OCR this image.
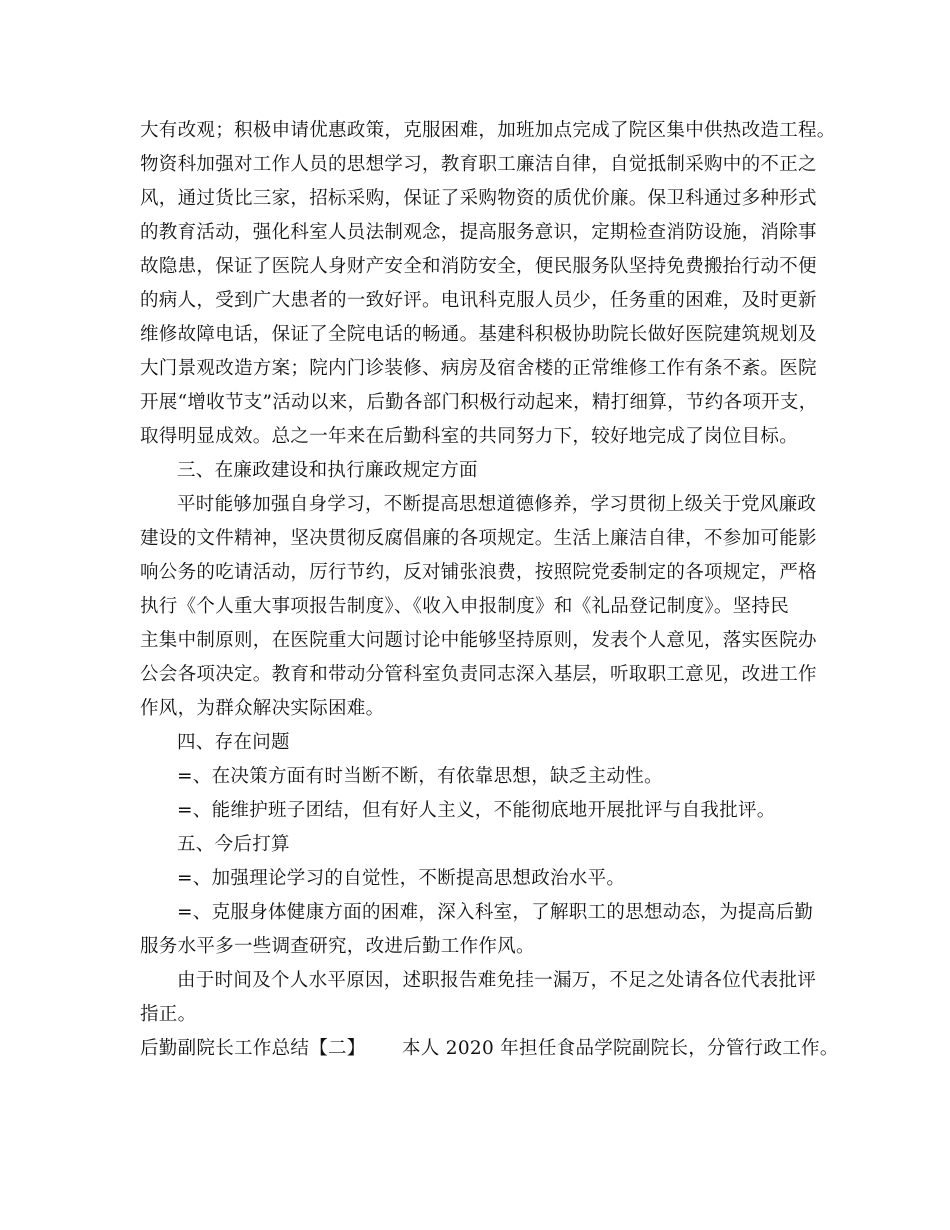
大有改观；积极申请优惠政策，克服困难，加班加点完成了院区集中供热改造工程。
物资科加强对工作人员的思想学习，教育职工廉洁自律，自觉抵制采购中的不正之
风，通过货比三家，招标采购，保证了采购物资的质优价廉。保卫科通过多种形式
的教育活动，强化科室人员法制观念，提高服务意识，定期检查消防设施，消除事
故隐患，保证了医院人身财产安全和消防安全，便民服务队坚持免费搬抬行动不便
的病人，受到广大患者的一致好评。电讯科克服人员少，任务重的困难，及时更新
维修故障电话，保证了全院电话的畅通。基建科积极协助院长做好医院建筑规划及
大门景观改造方案；院内门诊装修、病房及宿舍楼的正常维修工作有条不紊。医院
开展“增收节支”活动以来，后勤各部门积极行动起来，精打细算，节约各项开支，
取得明显成效。总之一年来在后勤科室的共同努力下，较好地完成了岗位目标。
三、在廉政建设和执行廉政规定方面
平时能够加强自身学习，不断提高思想道德修养，学习贯彻上级关于党风廉政
建设的文件精神，坚决贯彻反腐倡廉的各项规定。生活上廉洁自律，不参加可能影
响公务的吃请活动，厉行节约，反对铺张浪费，按照院党委制定的各项规定，严格
执行《个人重大事项报告制度》、《收入申报制度》和《礼品登记制度》。坚持民
主集中制原则，在医院重大问题讨论中能够坚持原则，发表个人意见，落实医院办
公会各项决定。教育和带动分管科室负责同志深入基层，听取职工意见，改进工作
作风，为群众解决实际困难。
四、存在问题
=、在决策方面有时当断不断，有依靠思想，缺乏主动性。
=、能维护班子团结，但有好人主义，不能彻底地开展批评与自我批评。
五、今后打算
=、加强理论学习的自觉性，不断提高思想政治水平。
=、克服身体健康方面的困难，深入科室，了解职工的思想动态，为提高后勤
服务水平多一些调查研究，改进后勤工作作风。
由于时间及个人水平原因，述职报告难免挂一漏万，不足之处请各位代表批评
指正。
后勤副院长工作总结【二】 本人 2020 年担任食品学院副院长，分管行政工作。
